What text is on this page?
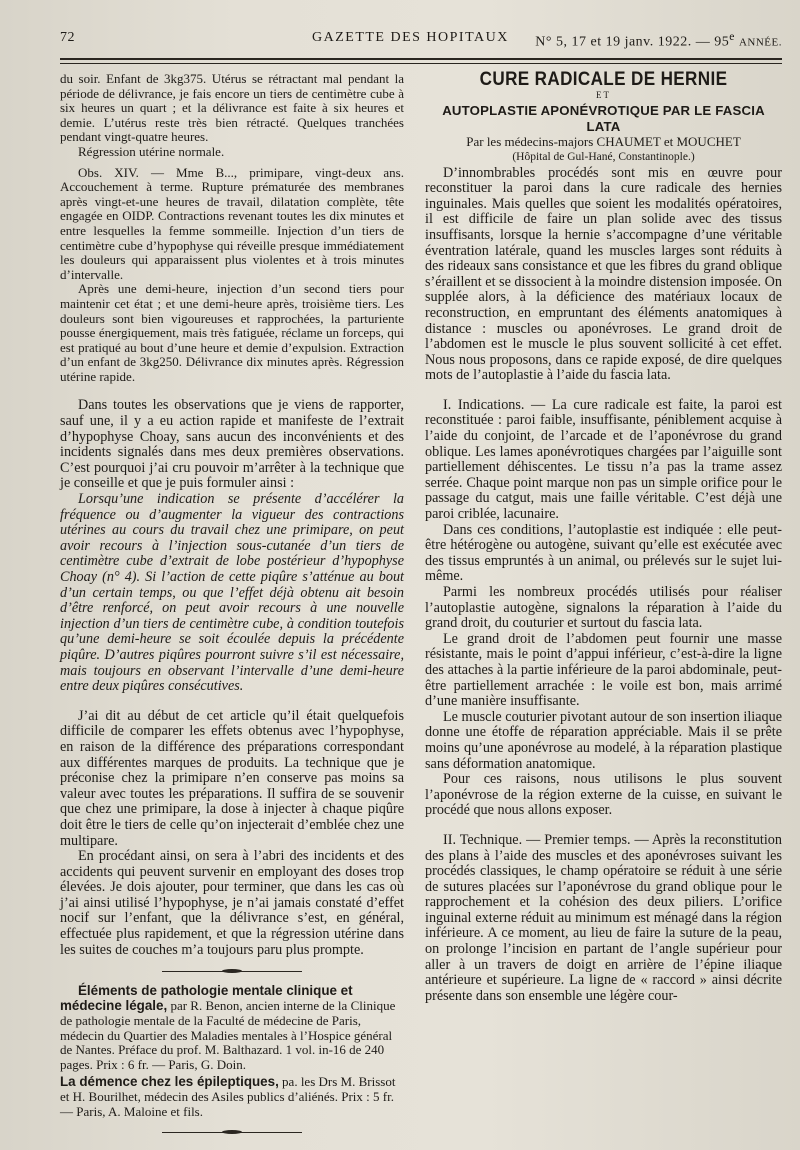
72	GAZETTE DES HOPITAUX N° 5, 17 et 19 janv. 1922. — 95e ANNÉE.

du soir. Enfant de 3kg375. Utérus se rétractant mal pendant la période de délivrance, je fais encore un tiers de centimètre cube à six heures un quart ; et la délivrance est faite à six heures et demie. L’utérus reste très bien rétracté. Quelques tranchées pendant vingt-quatre heures.

Régression utérine normale.

Obs. XIV. — Mme B..., primipare, vingt-deux ans. Accouchement à terme. Rupture prématurée des membranes après vingt-et-une heures de travail, dilatation complète, tête engagée en OIDP. Contractions revenant toutes les dix minutes et entre lesquelles la femme sommeille. Injection d’un tiers de centimètre cube d’hypophyse qui réveille presque immédiatement les douleurs qui apparaissent plus violentes et à trois minutes d’intervalle.

Après une demi-heure, injection d’un second tiers pour maintenir cet état ; et une demi-heure après, troisième tiers. Les douleurs sont bien vigoureuses et rapprochées, la parturiente pousse énergiquement, mais très fatiguée, réclame un forceps, qui est pratiqué au bout d’une heure et demie d’expulsion. Extraction d’un enfant de 3kg250. Délivrance dix minutes après. Régression utérine rapide.

Dans toutes les observations que je viens de rapporter, sauf une, il y a eu action rapide et manifeste de l’extrait d’hypophyse Choay, sans aucun des inconvénients et des incidents signalés dans mes deux premières observations. C’est pourquoi j’ai cru pouvoir m’arrêter à la technique que je conseille et que je puis formuler ainsi :

Lorsqu’une indication se présente d’accélérer la fréquence ou d’augmenter la vigueur des contractions utérines au cours du travail chez une primipare, on peut avoir recours à l’injection sous-cutanée d’un tiers de centimètre cube d’extrait de lobe postérieur d’hypophyse Choay (n° 4). Si l’action de cette piqûre s’atténue au bout d’un certain temps, ou que l’effet déjà obtenu ait besoin d’être renforcé, on peut avoir recours à une nouvelle injection d’un tiers de centimètre cube, à condition toutefois qu’une demi-heure se soit écoulée depuis la précédente piqûre. D’autres piqûres pourront suivre s’il est nécessaire, mais toujours en observant l’intervalle d’une demi-heure entre deux piqûres consécutives.

J’ai dit au début de cet article qu’il était quelquefois difficile de comparer les effets obtenus avec l’hypophyse, en raison de la différence des préparations correspondant aux différentes marques de produits. La technique que je préconise chez la primipare n’en conserve pas moins sa valeur avec toutes les préparations. Il suffira de se souvenir que chez une primipare, la dose à injecter à chaque piqûre doit être le tiers de celle qu’on injecterait d’emblée chez une multipare.

En procédant ainsi, on sera à l’abri des incidents et des accidents qui peuvent survenir en employant des doses trop élevées. Je dois ajouter, pour terminer, que dans les cas où j’ai ainsi utilisé l’hypophyse, je n’ai jamais constaté d’effet nocif sur l’enfant, que la délivrance s’est, en général, effectuée plus rapidement, et que la régression utérine dans les suites de couches m’a toujours paru plus prompte.

Éléments de pathologie mentale clinique et médecine légale, par R. Benon, ancien interne de la Clinique de pathologie mentale de la Faculté de médecine de Paris, médecin du Quartier des Maladies mentales à l’Hospice général de Nantes. Préface du prof. M. Balthazard. 1 vol. in-16 de 240 pages. Prix : 6 fr. — Paris, G. Doin.

La démence chez les épileptiques, pa. les Drs M. Brissot et H. Bourilhet, médecin des Asiles publics d’aliénés. Prix : 5 fr. — Paris, A. Maloine et fils.

CURE RADICALE DE HERNIE

ET

AUTOPLASTIE APONÉVROTIQUE PAR LE FASCIA LATA

Par les médecins-majors CHAUMET et MOUCHET

(Hôpital de Gul-Hané, Constantinople.)

D’innombrables procédés sont mis en œuvre pour reconstituer la paroi dans la cure radicale des hernies inguinales. Mais quelles que soient les modalités opératoires, il est difficile de faire un plan solide avec des tissus insuffisants, lorsque la hernie s’accompagne d’une véritable éventration latérale, quand les muscles larges sont réduits à des rideaux sans consistance et que les fibres du grand oblique s’éraillent et se dissocient à la moindre distension imposée. On supplée alors, à la déficience des matériaux locaux de reconstruction, en empruntant des éléments anatomiques à distance : muscles ou aponévroses. Le grand droit de l’abdomen est le muscle le plus souvent sollicité à cet effet. Nous nous proposons, dans ce rapide exposé, de dire quelques mots de l’autoplastie à l’aide du fascia lata.

I. Indications. — La cure radicale est faite, la paroi est reconstituée : paroi faible, insuffisante, péniblement acquise à l’aide du conjoint, de l’arcade et de l’aponévrose du grand oblique. Les lames aponévrotiques chargées par l’aiguille sont partiellement déhiscentes. Le tissu n’a pas la trame assez serrée. Chaque point marque non pas un simple orifice pour le passage du catgut, mais une faille véritable. C’est déjà une paroi criblée, lacunaire.

Dans ces conditions, l’autoplastie est indiquée : elle peut-être hétérogène ou autogène, suivant qu’elle est exécutée avec des tissus empruntés à un animal, ou prélevés sur le sujet lui-même.

Parmi les nombreux procédés utilisés pour réaliser l’autoplastie autogène, signalons la réparation à l’aide du grand droit, du couturier et surtout du fascia lata.

Le grand droit de l’abdomen peut fournir une masse résistante, mais le point d’appui inférieur, c’est-à-dire la ligne des attaches à la partie inférieure de la paroi abdominale, peut-être partiellement arrachée : le voile est bon, mais arrimé d’une manière insuffisante.

Le muscle couturier pivotant autour de son insertion iliaque donne une étoffe de réparation appréciable. Mais il se prête moins qu’une aponévrose au modelé, à la réparation plastique sans déformation anatomique.

Pour ces raisons, nous utilisons le plus souvent l’aponévrose de la région externe de la cuisse, en suivant le procédé que nous allons exposer.

II. Technique. — Premier temps. — Après la reconstitution des plans à l’aide des muscles et des aponévroses suivant les procédés classiques, le champ opératoire se réduit à une série de sutures placées sur l’aponévrose du grand oblique pour le rapprochement et la cohésion des deux piliers. L’orifice inguinal externe réduit au minimum est ménagé dans la région inférieure. A ce moment, au lieu de faire la suture de la peau, on prolonge l’incision en partant de l’angle supérieur pour aller à un travers de doigt en arrière de l’épine iliaque antérieure et supérieure. La ligne de « raccord » ainsi décrite présente dans son ensemble une légère cour-
